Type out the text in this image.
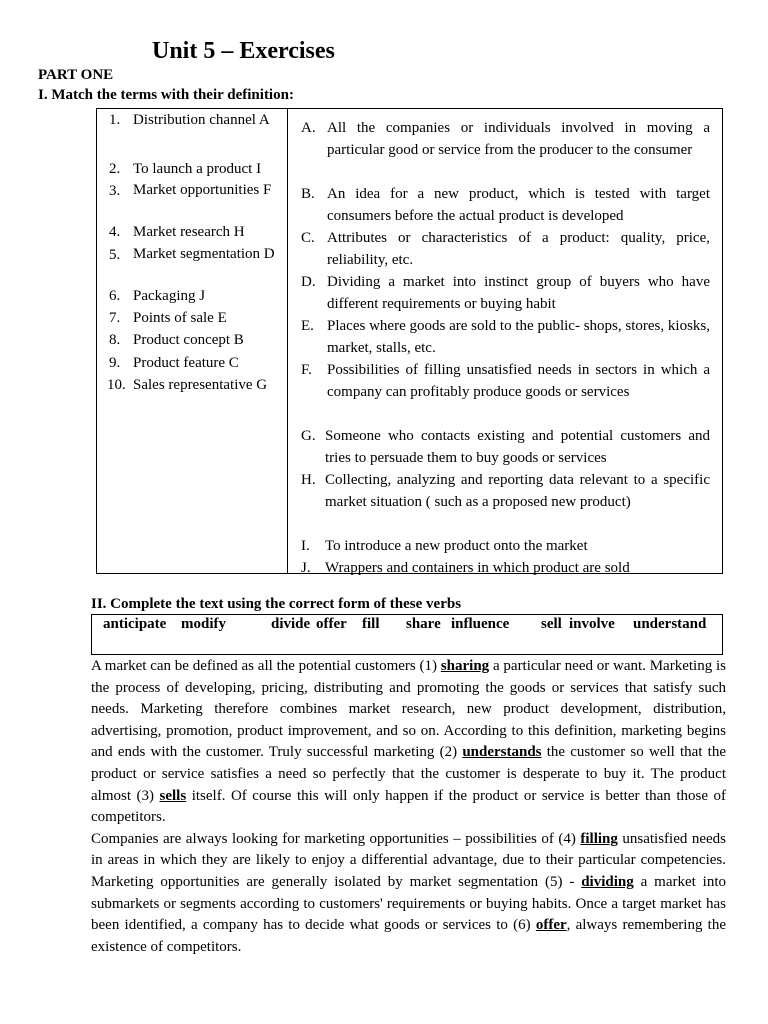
Unit 5 – Exercises
PART ONE
I. Match the terms with their definition:
1. Distribution channel A
2. To launch a product I
3. Market opportunities F
4. Market research H
5. Market segmentation D
6. Packaging J
7. Points of sale E
8. Product concept B
9. Product feature C
10. Sales representative G
A. All the companies or individuals involved in moving a particular good or service from the producer to the consumer
B. An idea for a new product, which is tested with target consumers before the actual product is developed
C. Attributes or characteristics of a product: quality, price, reliability, etc.
D. Dividing a market into instinct group of buyers who have different requirements or buying habit
E. Places where goods are sold to the public- shops, stores, kiosks, market, stalls, etc.
F. Possibilities of filling unsatisfied needs in sectors in which a company can profitably produce goods or services
G. Someone who contacts existing and potential customers and tries to persuade them to buy goods or services
H. Collecting, analyzing and reporting data relevant to a specific market situation ( such as a proposed new product)
I. To introduce a new product onto the market
J. Wrappers and containers in which product are sold
II. Complete the text using the correct form of these verbs
anticipate modify	divide offer fill share influence sell involve understand

A market can be defined as all the potential customers (1) sharing a particular need or want. Marketing is the process of developing, pricing, distributing and promoting the goods or services that satisfy such needs. Marketing therefore combines market research, new product development, distribution, advertising, promotion, product improvement, and so on. According to this definition, marketing begins and ends with the customer. Truly successful marketing (2) understands the customer so well that the product or service satisfies a need so perfectly that the customer is desperate to buy it. The product almost (3) sells itself. Of course this will only happen if the product or service is better than those of competitors.

Companies are always looking for marketing opportunities – possibilities of (4) filling unsatisfied needs in areas in which they are likely to enjoy a differential advantage, due to their particular competencies. Marketing opportunities are generally isolated by market segmentation (5) - dividing a market into submarkets or segments according to customers' requirements or buying habits. Once a target market has been identified, a company has to decide what goods or services to (6) offer, always remembering the existence of competitors.
